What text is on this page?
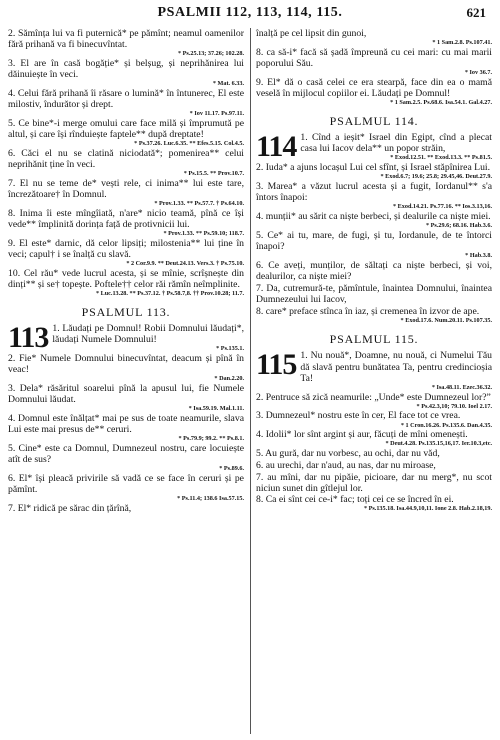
PSALMII 112, 113, 114, 115.	621
2. Sămînța lui va fi puternică* pe pămînt; neamul oamenilor fără prihană va fi binecuvîntat.
* Ps.25.13; 37.26; 102.28.
3. El are în casă bogăție* și belșug, și neprihănirea lui dăinuiește în veci.
* Mat. 6.33.
4. Celui fără prihană îi răsare o lumină* în întunerec, El este milostiv, îndurător și drept.
* Iov 11.17. Ps.97.11.
5. Ce bine*-i merge omului care face milă și împrumută pe altul, și care își rînduiește faptele** după dreptate!
* Ps.37.26. Luc.6.35. ** Efes.5.15. Col.4.5.
6. Căci el nu se clatină niciodată*; pomenirea** celui neprihănit ține în veci.
* Ps.15.5. ** Prov.10.7.
7. El nu se teme de* vești rele, ci inima** lui este tare, încrezătoare† în Domnul.
* Prov.1.33. ** Ps.57.7. † Ps.64.10.
8. Inima îi este mîngîiată, n'are* nicio teamă, pînă ce își vede** împlinită dorința față de protivnicii lui.
* Prov.1.33. ** Ps.59.10; 118.7.
9. El este* darnic, dă celor lipsiți; milostenia** lui ține în veci; capul† i se înalță cu slavă.
* 2 Cor.9.9. ** Deut.24.13. Vers.3. † Ps.75.10.
10. Cel rău* vede lucrul acesta, și se mînie, scrîșnește din dinți** și se† topește. Poftele†† celor răi rămîn neîmplinite.
* Luc.13.28. ** Ps.37.12. † Ps.58.7,8. †† Prov.10.28; 11.7.
PSALMUL 113.
113 1. Lăudați pe Domnul! Robii Domnului lăudați*, lăudați Numele Domnului!
* Ps.135.1.
2. Fie* Numele Domnului binecuvîntat, deacum și pînă în veac!
* Dan.2.20.
3. Dela* răsăritul soarelui pînă la apusul lui, fie Numele Domnului lăudat.
* Isa.59.19. Mal.1.11.
4. Domnul este înălțat* mai pe sus de toate neamurile, slava Lui este mai presus de** ceruri.
* Ps.79.9; 99.2. ** Ps.8.1.
5. Cine* este ca Domnul, Dumnezeul nostru, care locuiește atît de sus?
* Ps.89.6.
6. El* își pleacă privirile să vadă ce se face în ceruri și pe pămînt.
* Ps.11.4; 138.6 Isa.57.15.
7. El* ridică pe sărac din țărînă,
înalță pe cel lipsit din gunoi,
* 1 Sam.2.8. Ps.107.41.
8. ca să-i* facă să șadă împreună cu cei mari: cu mai marii poporului Său.
* Iov 36.7.
9. El* dă o casă celei ce era stearpă, face din ea o mamă veselă în mijlocul copiilor ei. Lăudați pe Domnul!
* 1 Sam.2.5. Ps.68.6. Isa.54.1. Gal.4.27.
PSALMUL 114.
114 1. Cînd a ieșit* Israel din Egipt, cînd a plecat casa lui Iacov dela** un popor străin,
* Exod.12.51. ** Exod.13.3. ** Ps.81.5.
2. Iuda* a ajuns locașul Lui cel sfînt, și Israel stăpînirea Lui.
* Exod.6.7; 19.6; 25.8; 29.45,46. Deut.27.9.
3. Marea* a văzut lucrul acesta și a fugit, Iordanul** s'a întors înapoi:
* Exod.14.21. Ps.77.16. ** Ios.3.13,16.
4. munții* au sărit ca niște berbeci, și dealurile ca niște miei.
* Ps.29.6; 68.16. Hab.3.6.
5. Ce* ai tu, mare, de fugi, și tu, Iordanule, de te întorci înapoi?
* Hab.3.8.
6. Ce aveți, munților, de săltați ca niște berbeci, și voi, dealurilor, ca niște miei?
7. Da, cutremură-te, pămîntule, înaintea Domnului, înaintea Dumnezeului lui Iacov,
8. care* preface stînca în iaz, și cremenea în izvor de ape.
* Exod.17.6. Num.20.11. Ps.107.35.
PSALMUL 115.
115 1. Nu nouă*, Doamne, nu nouă, ci Numelui Tău dă slavă pentru bunătatea Ta, pentru credincioșia Ta!
* Isa.48.11. Ezec.36.32.
2. Pentruce să zică neamurile: „Unde* este Dumnezeul lor?”
* Ps.42.3,10; 79.10. Ioel 2.17.
3. Dumnezeul* nostru este în cer, El face tot ce vrea.
* 1 Cron.16.26. Ps.135.6. Dan.4.35.
4. Idolii* lor sînt argint și aur, făcuți de mîni omenești.
* Deut.4.28. Ps.135.15,16,17. Ier.10.3,etc.
5. Au gură, dar nu vorbesc, au ochi, dar nu văd,
6. au urechi, dar n'aud, au nas, dar nu miroase,
7. au mîni, dar nu pipăie, picioare, dar nu merg*, nu scot niciun sunet din gîtlejul lor.
8. Ca ei sînt cei ce-i* fac; toți cei ce se încred în ei.
* Ps.135.18. Isa.44.9,10,11. Ione 2.8. Hab.2.18,19.
